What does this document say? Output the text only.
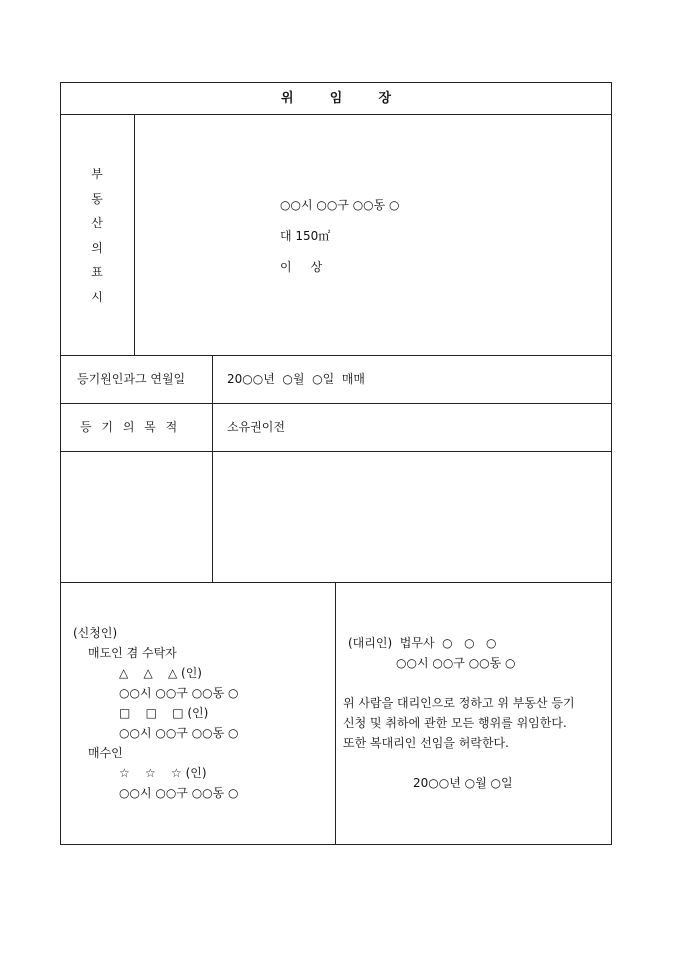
위        임        장
부
동
산
의
표
시
○○시 ○○구 ○○동 ○
대 150㎡
이     상
등기원인과그 연월일	20○○년  ○월  ○일  매매
등 기 의 목 적	소유권이전
(신청인)
매도인 겸 수탁자
△    △    △ (인)
○○시 ○○구 ○○동 ○
□    □    □ (인)
○○시 ○○구 ○○동 ○
매수인
☆    ☆    ☆ (인)
○○시 ○○구 ○○동 ○
(대리인)  법무사  ○   ○   ○
○○시 ○○구 ○○동 ○
위 사람을 대리인으로 정하고 위 부동산 등기
신청 및 취하에 관한 모든 행위를 위임한다.
또한 복대리인 선임을 허락한다.
20○○년 ○월 ○일
